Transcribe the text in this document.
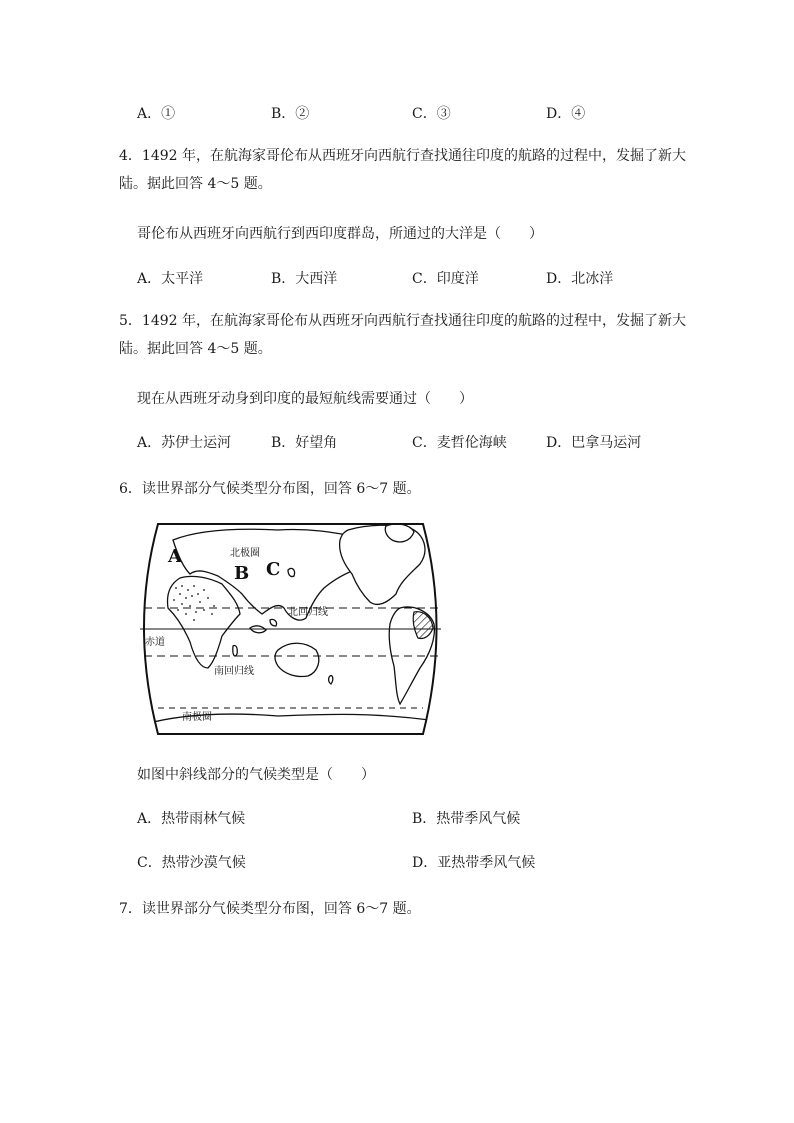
A．①	B．②	C．③	D．④
4．1492 年，在航海家哥伦布从西班牙向西航行查找通往印度的航路的过程中，发掘了新大陆。据此回答 4～5 题。
哥伦布从西班牙向西航行到西印度群岛，所通过的大洋是（　　）
A．太平洋	B．大西洋	C．印度洋	D．北冰洋
5．1492 年，在航海家哥伦布从西班牙向西航行查找通往印度的航路的过程中，发掘了新大陆。据此回答 4～5 题。
现在从西班牙动身到印度的最短航线需要通过（　　）
A．苏伊士运河	B．好望角	C．麦哲伦海峡	D．巴拿马运河
6．读世界部分气候类型分布图，回答 6～7 题。
A
B C
北极圈
北回归线
赤道
南回归线
南极圈
如图中斜线部分的气候类型是（　　）
A．热带雨林气候	B．热带季风气候
C．热带沙漠气候	D．亚热带季风气候
7．读世界部分气候类型分布图，回答 6～7 题。
